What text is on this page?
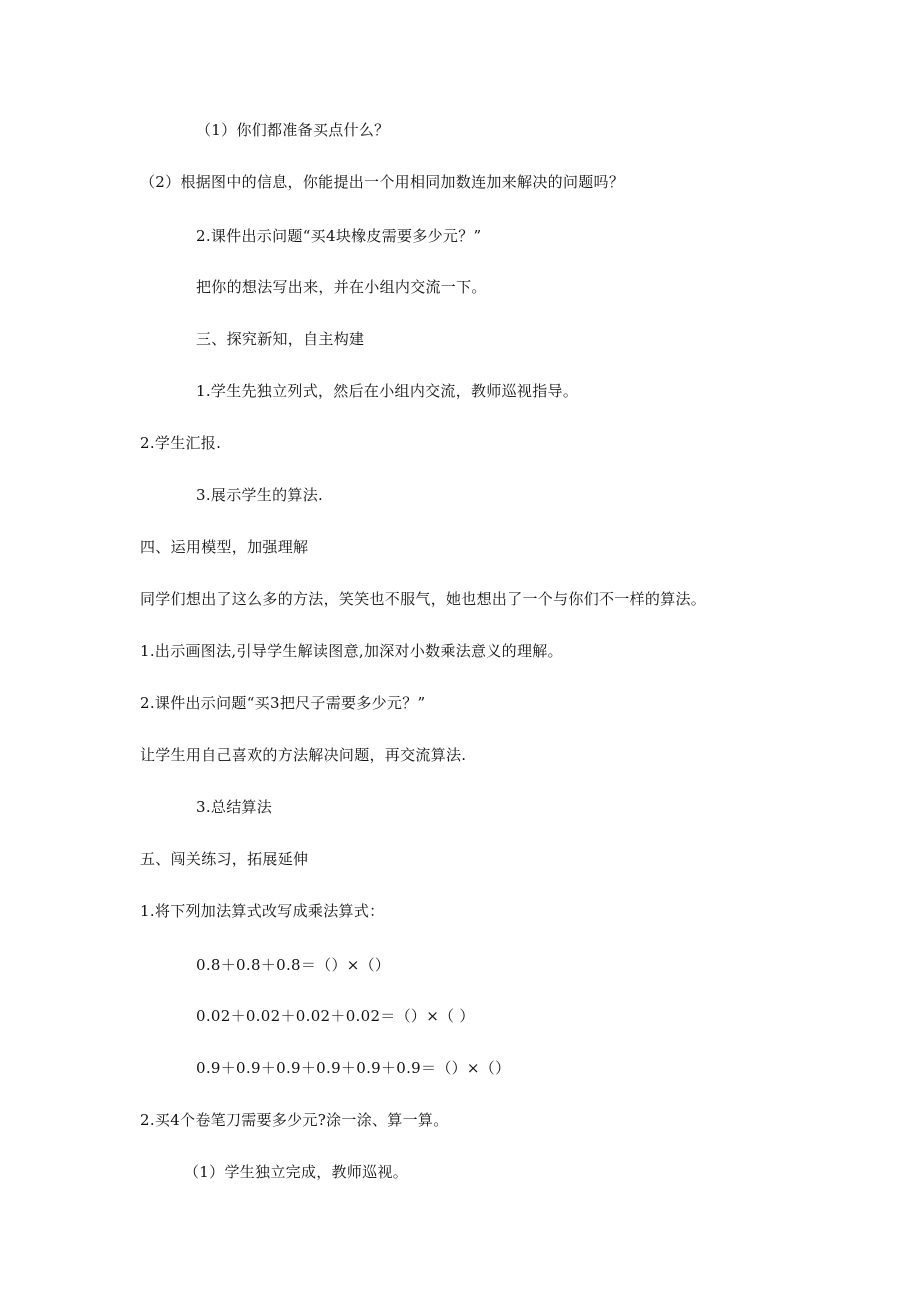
（1）你们都准备买点什么？
（2）根据图中的信息，你能提出一个用相同加数连加来解决的问题吗？
2.课件出示问题“买4块橡皮需要多少元？”
把你的想法写出来，并在小组内交流一下。
三、探究新知，自主构建
1.学生先独立列式，然后在小组内交流，教师巡视指导。
2.学生汇报.
3.展示学生的算法.
四、运用模型，加强理解
同学们想出了这么多的方法，笑笑也不服气，她也想出了一个与你们不一样的算法。
1.出示画图法,引导学生解读图意,加深对小数乘法意义的理解。
2.课件出示问题“买3把尺子需要多少元？”
让学生用自己喜欢的方法解决问题，再交流算法.
3.总结算法
五、闯关练习，拓展延伸
1.将下列加法算式改写成乘法算式：
0.8＋0.8＋0.8＝（）×（）
0.02＋0.02＋0.02＋0.02＝（）×（ ）
0.9＋0.9＋0.9＋0.9＋0.9＋0.9＝（）×（）
2.买4个卷笔刀需要多少元?涂一涂、算一算。
（1）学生独立完成，教师巡视。
